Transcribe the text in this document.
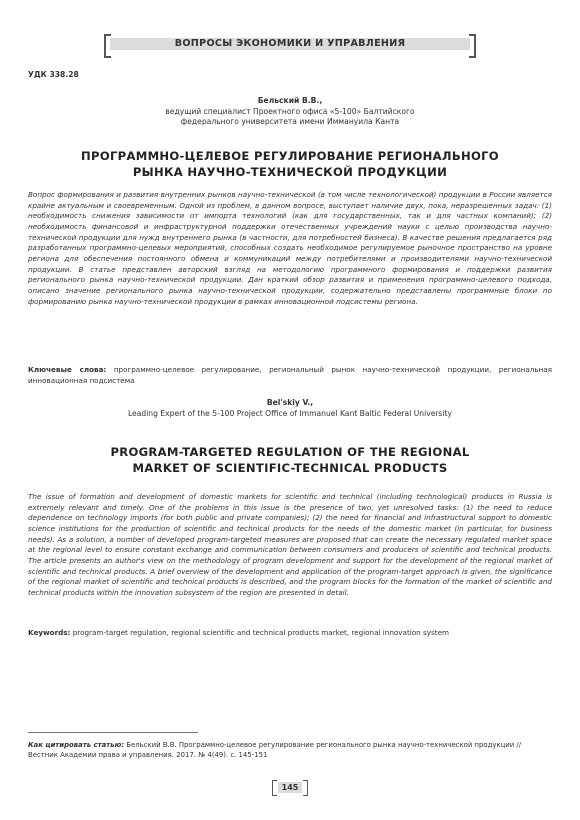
ВОПРОСЫ ЭКОНОМИКИ И УПРАВЛЕНИЯ
УДК 338.28
Бельский В.В.,
ведущий специалист Проектного офиса «5-100» Балтийского федерального университета имени Иммануила Канта
ПРОГРАММНО-ЦЕЛЕВОЕ РЕГУЛИРОВАНИЕ РЕГИОНАЛЬНОГО РЫНКА НАУЧНО-ТЕХНИЧЕСКОЙ ПРОДУКЦИИ
Вопрос формирования и развития внутренних рынков научно-технической (в том числе технологической) продукции в России является крайне актуальным и своевременным. Одной из проблем, в данном вопросе, выступает наличие двух, пока, неразрешенных задач: (1) необходимость снижения зависимости от импорта технологий (как для государственных, так и для частных компаний); (2) необходимость финансовой и инфраструктурной поддержки отечественных учреждений науки с целью производства научно-технической продукции для нужд внутреннего рынка (в частности, для потребностей бизнеса). В качестве решения предлагается ряд разработанных программно-целевых мероприятий, способных создать необходимое регулируемое рыночное пространство на уровне региона для обеспечения постоянного обмена и коммуникаций между потребителями и производителями научно-технической продукции. В статье представлен авторский взгляд на методологию программного формирования и поддержки развития регионального рынка научно-технической продукции. Дан краткий обзор развития и применения программно-целевого подхода, описано значение регионального рынка научно-технической продукции, содержательно представлены программные блоки по формированию рынка научно-технической продукции в рамках инновационной подсистемы региона.
Ключевые слова: программно-целевое регулирование, региональный рынок научно-технической продукции, региональная инновационная подсистема
Bel'skiy V.,
Leading Expert of the 5-100 Project Office of Immanuel Kant Baltic Federal University
PROGRAM-TARGETED REGULATION OF THE REGIONAL MARKET OF SCIENTIFIC-TECHNICAL PRODUCTS
The issue of formation and development of domestic markets for scientific and technical (including technological) products in Russia is extremely relevant and timely. One of the problems in this issue is the presence of two, yet unresolved tasks: (1) the need to reduce dependence on technology imports (for both public and private companies); (2) the need for financial and infrastructural support to domestic science institutions for the production of scientific and technical products for the needs of the domestic market (in particular, for business needs). As a solution, a number of developed program-targeted measures are proposed that can create the necessary regulated market space at the regional level to ensure constant exchange and communication between consumers and producers of scientific and technical products. The article presents an author's view on the methodology of program development and support for the development of the regional market of scientific and technical products. A brief overview of the development and application of the program-target approach is given, the significance of the regional market of scientific and technical products is described, and the program blocks for the formation of the market of scientific and technical products within the innovation subsystem of the region are presented in detail.
Keywords: program-target regulation, regional scientific and technical products market, regional innovation system
Как цитировать статью: Бельский В.В. Программно-целевое регулирование регионального рынка научно-технической продукции // Вестник Академии права и управления. 2017. № 4(49). с. 145-151
145
